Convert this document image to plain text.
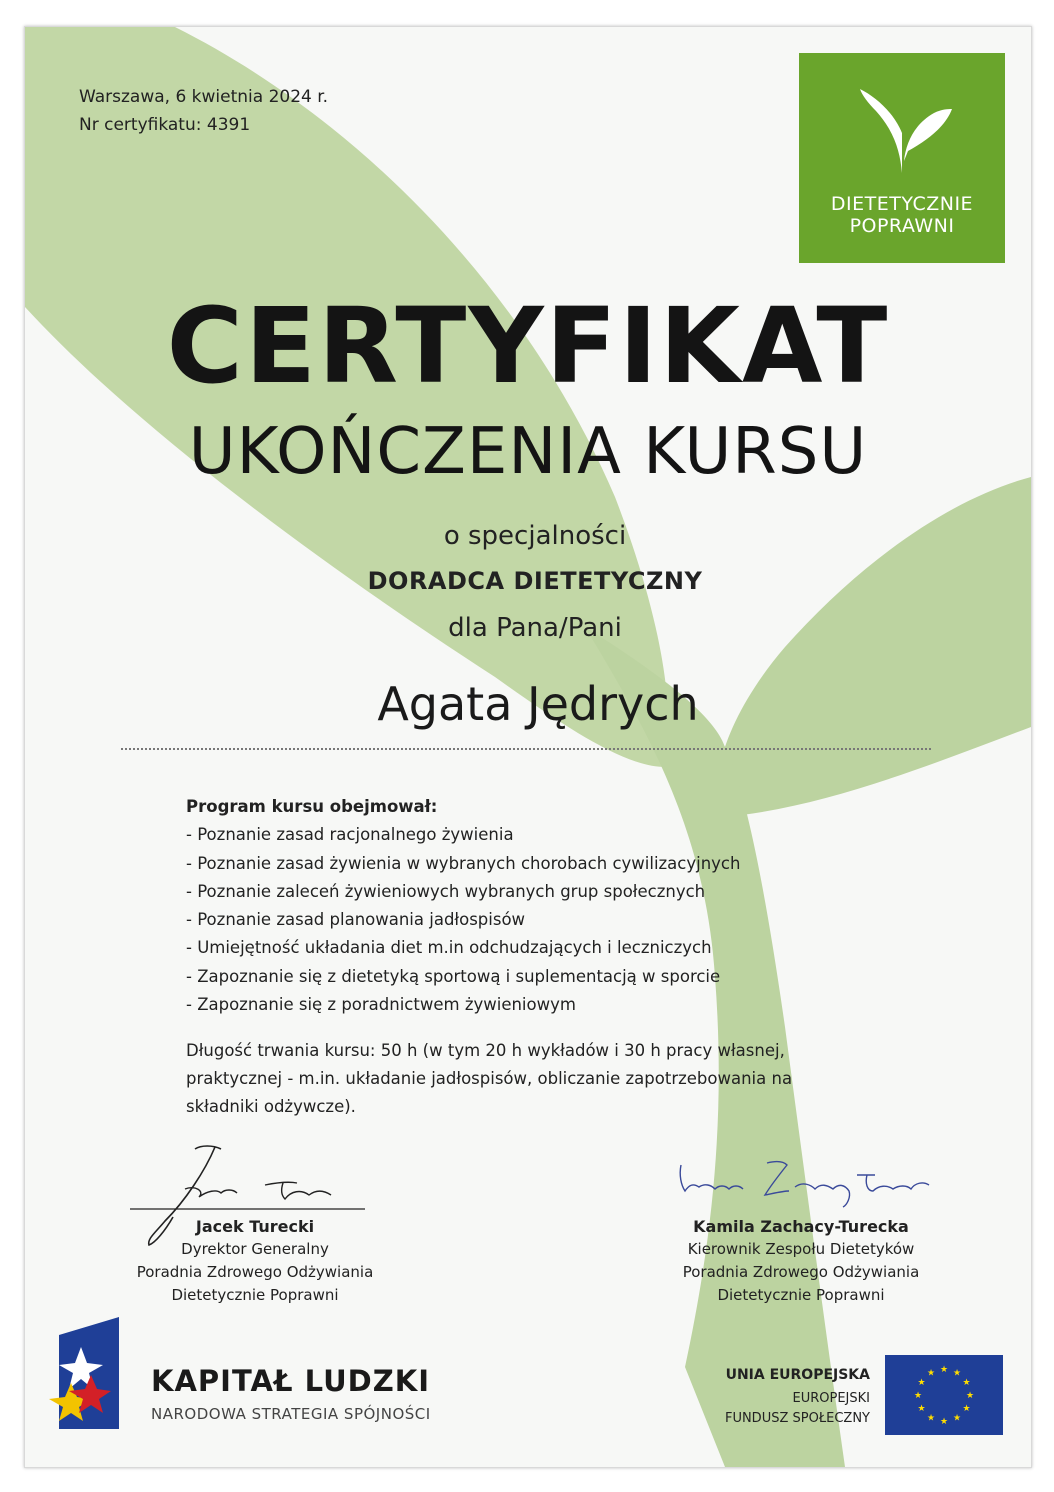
Warszawa, 6 kwietnia 2024 r.
Nr certyfikatu: 4391
DIETETYCZNIE
POPRAWNI
CERTYFIKAT
UKOŃCZENIA KURSU
o specjalności
DORADCA DIETETYCZNY
dla Pana/Pani
Agata Jędrych
Program kursu obejmował:
- Poznanie zasad racjonalnego żywienia
- Poznanie zasad żywienia w wybranych chorobach cywilizacyjnych
- Poznanie zaleceń żywieniowych wybranych grup społecznych
- Poznanie zasad planowania jadłospisów
- Umiejętność układania diet m.in odchudzających i leczniczych
- Zapoznanie się z dietetyką sportową i suplementacją w sporcie
- Zapoznanie się z poradnictwem żywieniowym
Długość trwania kursu: 50 h (w tym 20 h wykładów i 30 h pracy własnej,
praktycznej - m.in. układanie jadłospisów, obliczanie zapotrzebowania na
składniki odżywcze).
Jacek Turecki
Dyrektor Generalny
Poradnia Zdrowego Odżywiania
Dietetycznie Poprawni
Kamila Zachacy-Turecka
Kierownik Zespołu Dietetyków
Poradnia Zdrowego Odżywiania
Dietetycznie Poprawni
KAPITAŁ LUDZKI
NARODOWA STRATEGIA SPÓJNOŚCI
UNIA EUROPEJSKA
EUROPEJSKI
FUNDUSZ SPOŁECZNY
★ ★
★
★
★
★
★
★
★
★
★
★
